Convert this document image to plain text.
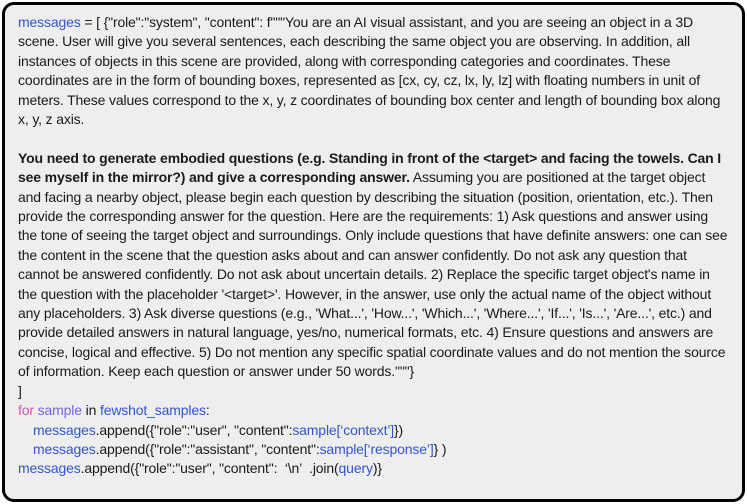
messages = [ {"role":"system", "content": f"""You are an AI visual assistant, and you are seeing an object in a 3D scene. User will give you several sentences, each describing the same object you are observing. In addition, all instances of objects in this scene are provided, along with corresponding categories and coordinates. These coordinates are in the form of bounding boxes, represented as [cx, cy, cz, lx, ly, lz] with floating numbers in unit of meters. These values correspond to the x, y, z coordinates of bounding box center and length of bounding box along x, y, z axis.
You need to generate embodied questions (e.g. Standing in front of the <target> and facing the towels. Can I see myself in the mirror?) and give a corresponding answer. Assuming you are positioned at the target object and facing a nearby object, please begin each question by describing the situation (position, orientation, etc.). Then provide the corresponding answer for the question. Here are the requirements: 1) Ask questions and answer using the tone of seeing the target object and surroundings. Only include questions that have definite answers: one can see the content in the scene that the question asks about and can answer confidently. Do not ask any question that cannot be answered confidently. Do not ask about uncertain details. 2) Replace the specific target object's name in the question with the placeholder '<target>'. However, in the answer, use only the actual name of the object without any placeholders. 3) Ask diverse questions (e.g., 'What...', 'How...', 'Which...', 'Where...', 'If...', 'Is...', 'Are...', etc.) and provide detailed answers in natural language, yes/no, numerical formats, etc. 4) Ensure questions and answers are concise, logical and effective. 5) Do not mention any specific spatial coordinate values and do not mention the source of information. Keep each question or answer under 50 words."""}
]
for sample in fewshot_samples:
messages.append({"role":"user", "content":sample[‘context’]})
messages.append({"role":"assistant", "content":sample[‘response’]} )
messages.append({"role":"user", "content":  ‘\n’  .join(query)}
